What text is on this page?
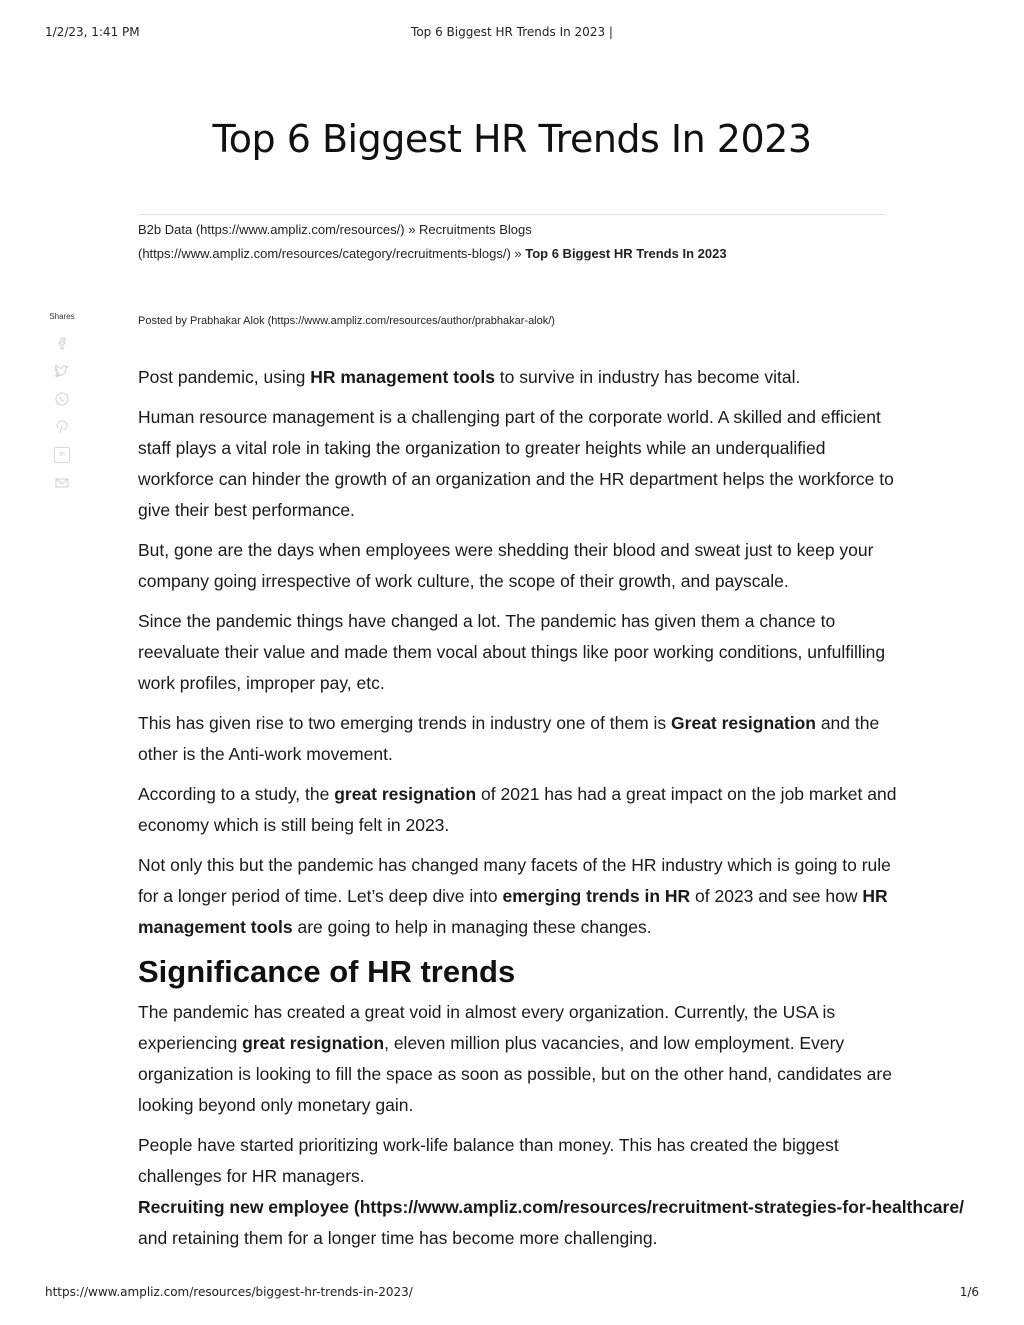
1/2/23, 1:41 PM	Top 6 Biggest HR Trends In 2023 |
Top 6 Biggest HR Trends In 2023
B2b Data (https://www.ampliz.com/resources/) » Recruitments Blogs
(https://www.ampliz.com/resources/category/recruitments-blogs/) » Top 6 Biggest HR Trends In 2023
Shares
in
Posted by Prabhakar Alok (https://www.ampliz.com/resources/author/prabhakar-alok/)

Post pandemic, using HR management tools to survive in industry has become vital.

Human resource management is a challenging part of the corporate world. A skilled and efficient staff plays a vital role in taking the organization to greater heights while an underqualified workforce can hinder the growth of an organization and the HR department helps the workforce to give their best performance.

But, gone are the days when employees were shedding their blood and sweat just to keep your company going irrespective of work culture, the scope of their growth, and payscale.

Since the pandemic things have changed a lot. The pandemic has given them a chance to reevaluate their value and made them vocal about things like poor working conditions, unfulfilling work profiles, improper pay, etc.

This has given rise to two emerging trends in industry one of them is Great resignation and the other is the Anti-work movement.

According to a study, the great resignation of 2021 has had a great impact on the job market and economy which is still being felt in 2023.

Not only this but the pandemic has changed many facets of the HR industry which is going to rule for a longer period of time. Let’s deep dive into emerging trends in HR of 2023 and see how HR management tools are going to help in managing these changes.

Significance of HR trends

The pandemic has created a great void in almost every organization. Currently, the USA is experiencing great resignation, eleven million plus vacancies, and low employment. Every organization is looking to fill the space as soon as possible, but on the other hand, candidates are looking beyond only monetary gain.

People have started prioritizing work-life balance than money. This has created the biggest challenges for HR managers.
Recruiting new employee (https://www.ampliz.com/resources/recruitment-strategies-for-healthcare/
and retaining them for a longer time has become more challenging.

https://www.ampliz.com/resources/biggest-hr-trends-in-2023/	1/6
